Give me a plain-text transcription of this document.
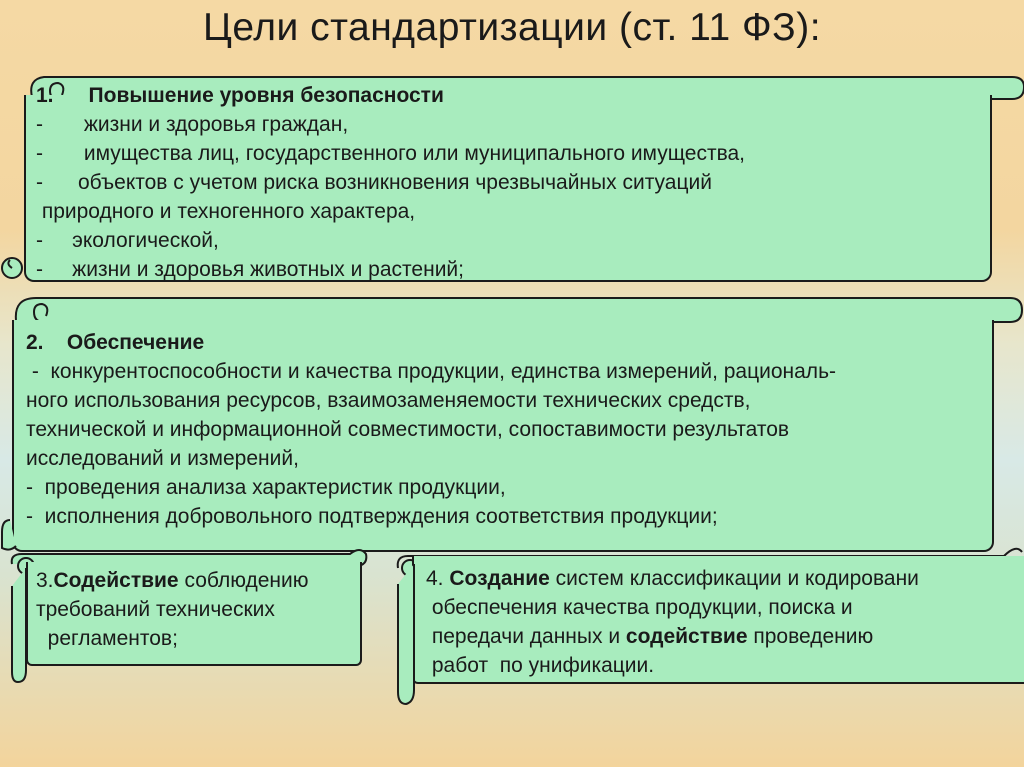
Цели стандартизации (ст. 11 ФЗ):
1. Повышение уровня безопасности
-       жизни и здоровья граждан,
-       имущества лиц, государственного или муниципального имущества,
-      объектов с учетом риска возникновения чрезвычайных ситуаций
природного и техногенного характера,
-     экологической,
-     жизни и здоровья животных и растений;
2. Обеспечение
-  конкурентоспособности и качества продукции, единства измерений, рациональ-
ного использования ресурсов, взаимозаменяемости технических средств,
технической и информационной совместимости, сопоставимости результатов
исследований и измерений,
-  проведения анализа характеристик продукции,
-  исполнения добровольного подтверждения соответствия продукции;
3.Содействие соблюдению
требований технических
регламентов;
4. Создание систем классификации и кодировани
обеспечения качества продукции, поиска и
передачи данных и содействие проведению
работ  по унификации.
